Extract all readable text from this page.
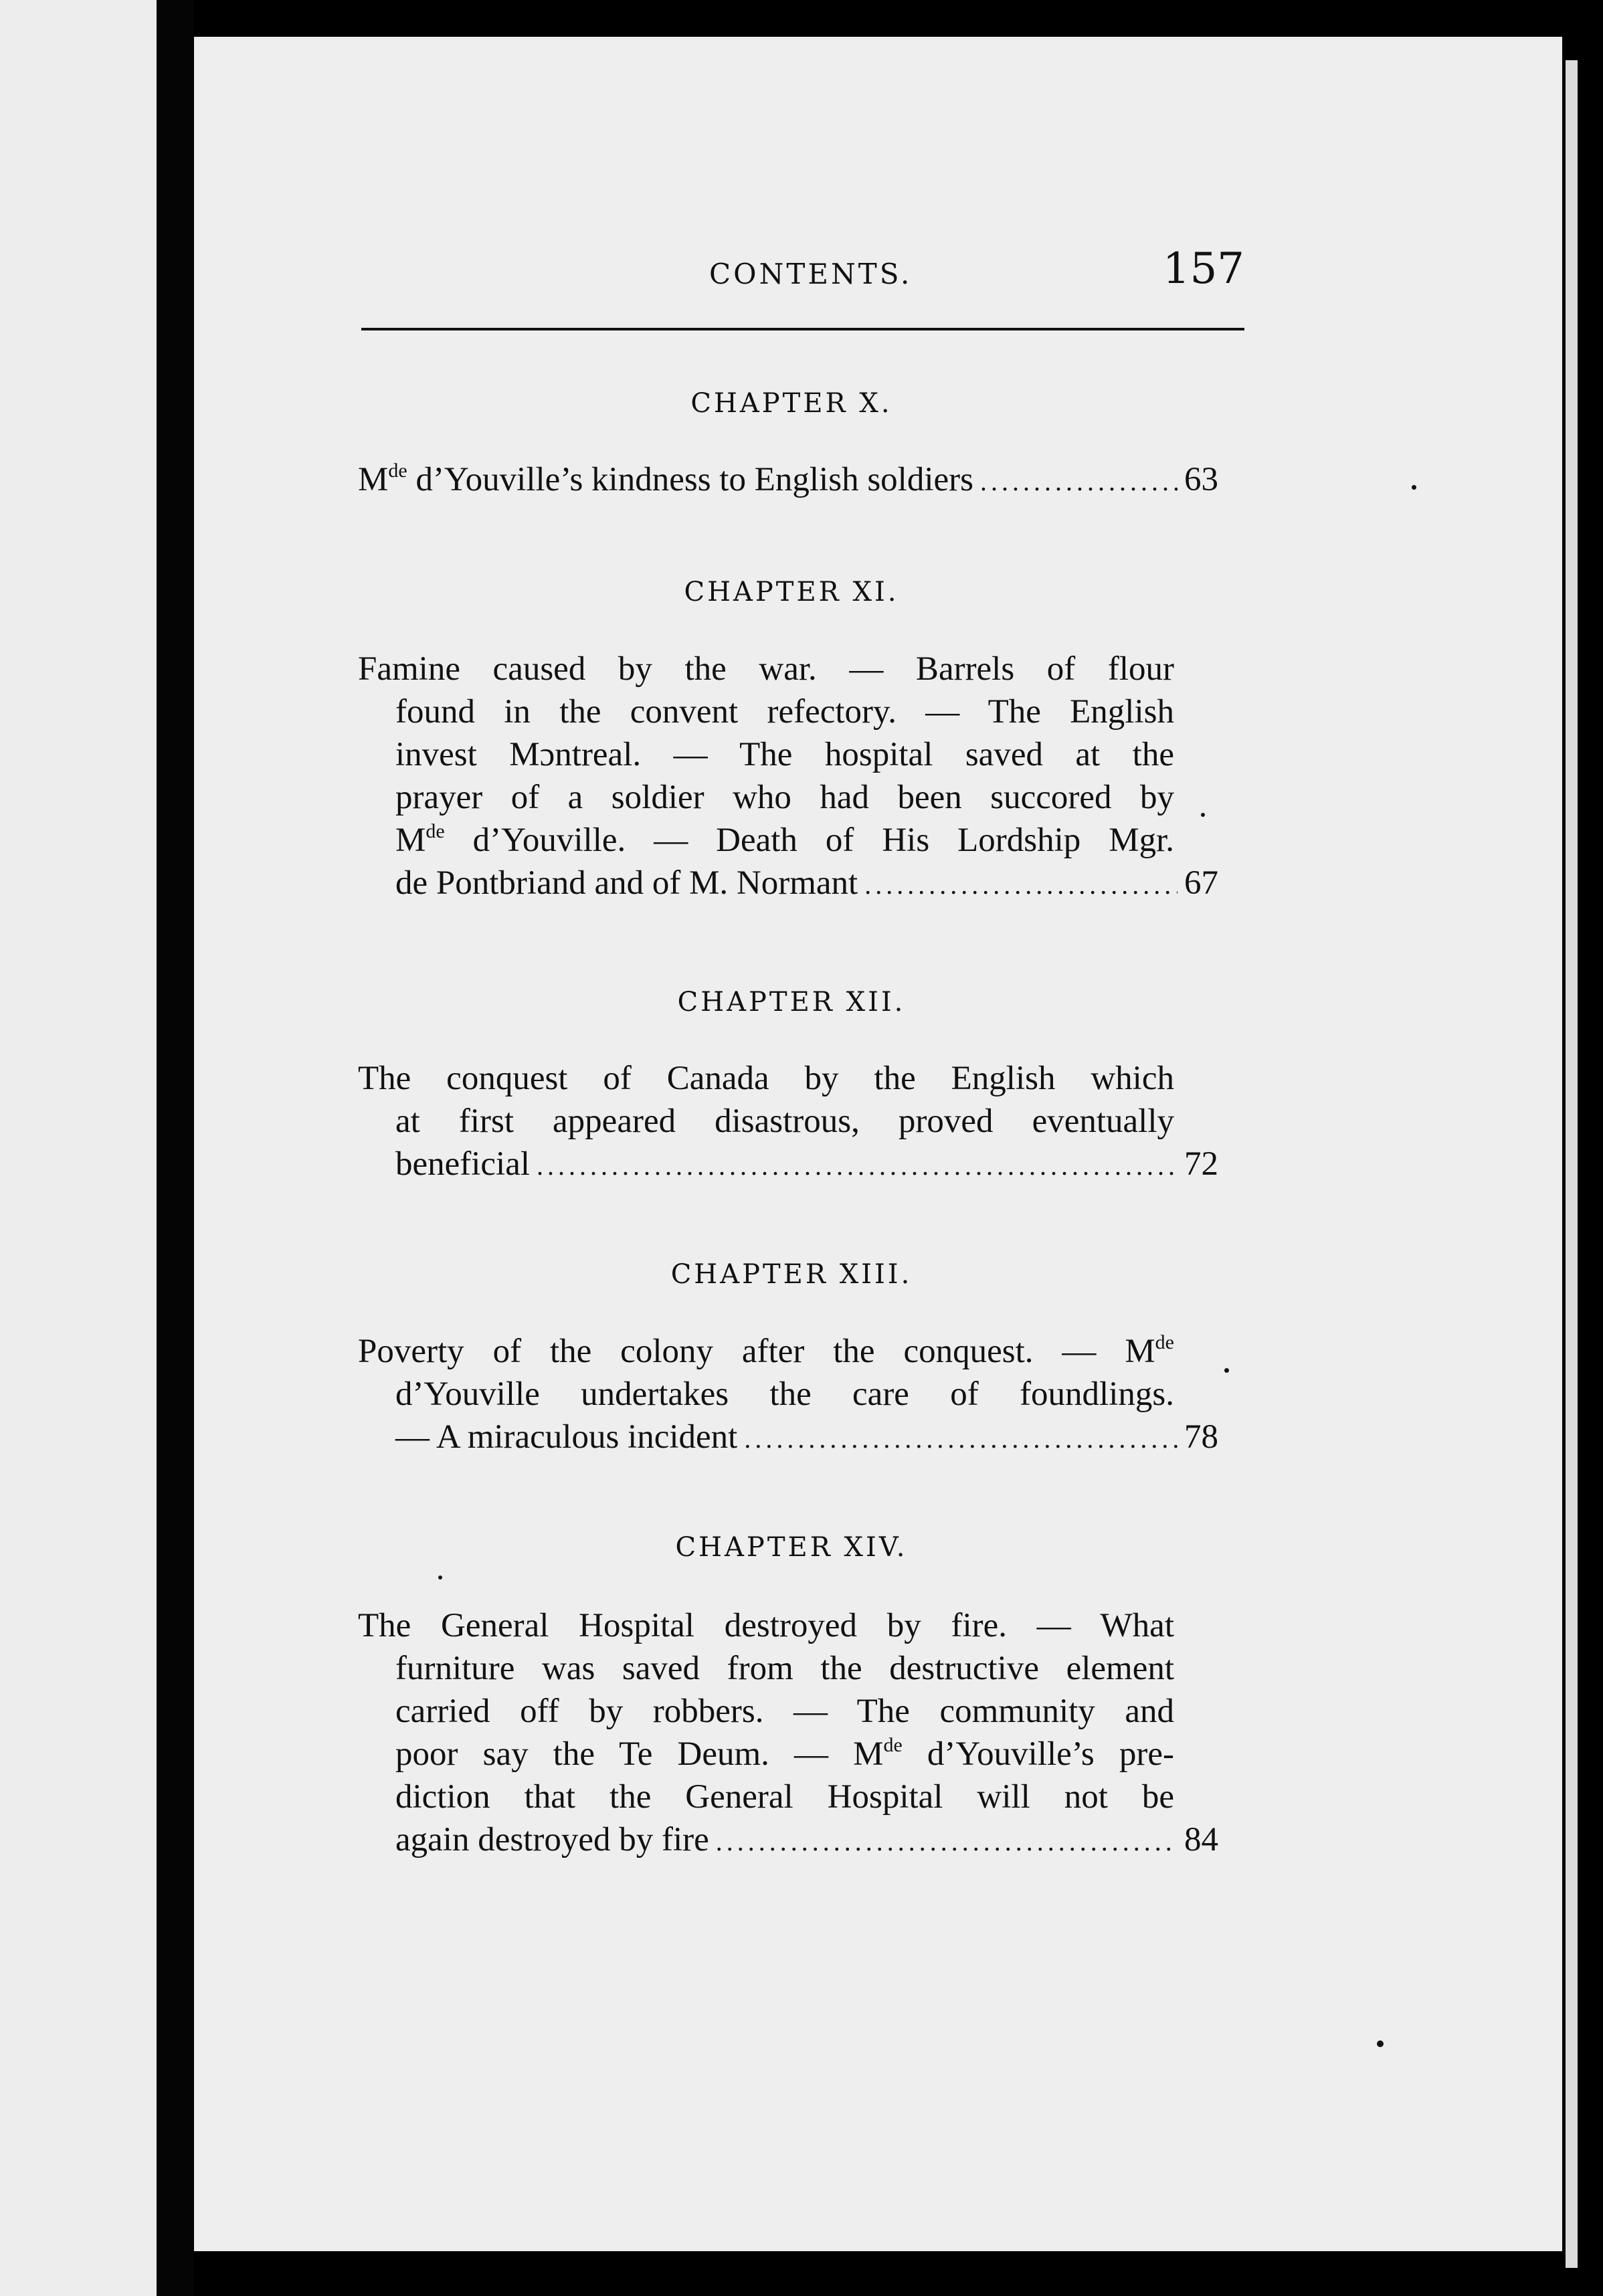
CONTENTS.	157
CHAPTER X.
Mde d’Youville’s kindness to English soldiers .....	63
CHAPTER XI.
Famine caused by the war. — Barrels of flour
found in the convent refectory. — The English
invest Mɔntreal. — The hospital saved at the
prayer of a soldier who had been succored by
Mde d’Youville. — Death of His Lordship Mgr.
de Pontbriand and of M. Normant .....	67
CHAPTER XII.
The conquest of Canada by the English which
at first appeared disastrous, proved eventually
beneficial .....	72
CHAPTER XIII.
Poverty of the colony after the conquest. — Mde
d’Youville undertakes the care of foundlings.
— A miraculous incident .....	78
CHAPTER XIV.
The General Hospital destroyed by fire. — What
furniture was saved from the destructive element
carried off by robbers. — The community and
poor say the Te Deum. — Mde d’Youville’s pre-
diction that the General Hospital will not be
again destroyed by fire .....	84
